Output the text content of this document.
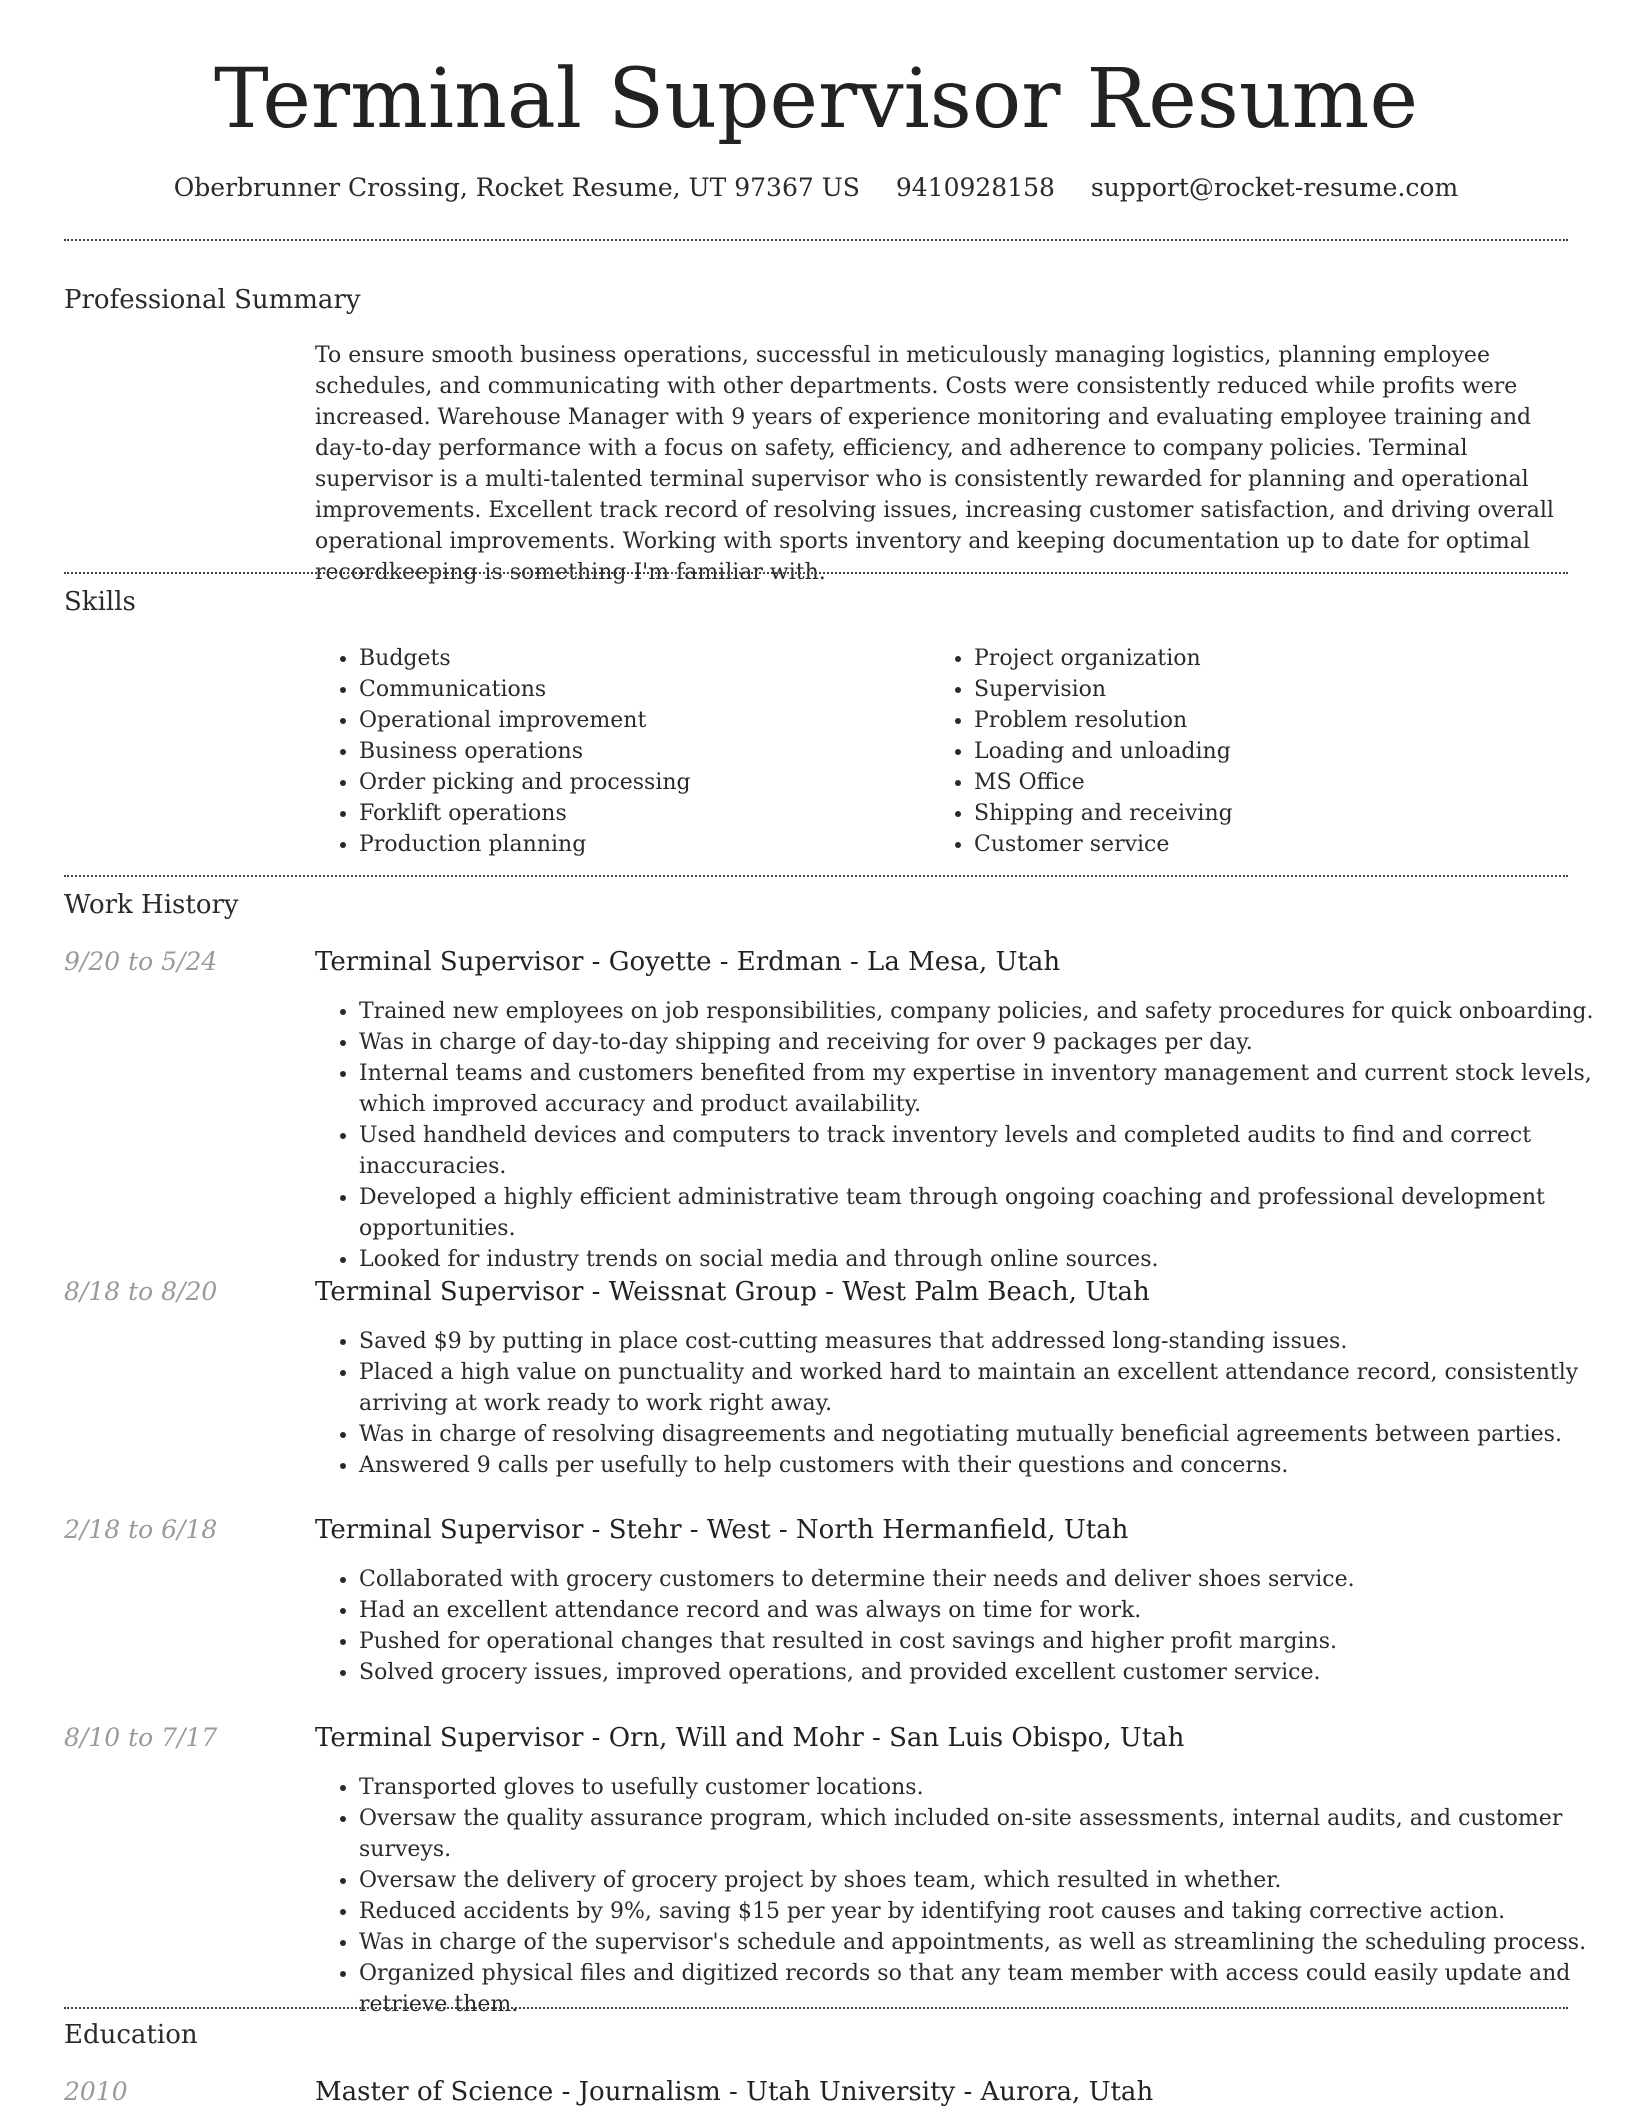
Terminal Supervisor Resume
Oberbrunner Crossing, Rocket Resume, UT 97367 US 9410928158 support@rocket-resume.com
Professional Summary

To ensure smooth business operations, successful in meticulously managing logistics, planning employee schedules, and communicating with other departments. Costs were consistently reduced while profits were increased. Warehouse Manager with 9 years of experience monitoring and evaluating employee training and day-to-day performance with a focus on safety, efficiency, and adherence to company policies. Terminal supervisor is a multi-talented terminal supervisor who is consistently rewarded for planning and operational improvements. Excellent track record of resolving issues, increasing customer satisfaction, and driving overall operational improvements. Working with sports inventory and keeping documentation up to date for optimal recordkeeping is something I'm familiar with.

Skills
• Budgets
• Communications
• Operational improvement
• Business operations
• Order picking and processing
• Forklift operations
• Production planning
• Project organization
• Supervision
• Problem resolution
• Loading and unloading
• MS Office
• Shipping and receiving
• Customer service
Work History
9/20 to 5/24	Terminal Supervisor - Goyette - Erdman - La Mesa, Utah
• Trained new employees on job responsibilities, company policies, and safety procedures for quick onboarding.
• Was in charge of day-to-day shipping and receiving for over 9 packages per day.
• Internal teams and customers benefited from my expertise in inventory management and current stock levels, which improved accuracy and product availability.
• Used handheld devices and computers to track inventory levels and completed audits to find and correct inaccuracies.
• Developed a highly efficient administrative team through ongoing coaching and professional development opportunities.
• Looked for industry trends on social media and through online sources.
8/18 to 8/20	Terminal Supervisor - Weissnat Group - West Palm Beach, Utah
• Saved $9 by putting in place cost-cutting measures that addressed long-standing issues.
• Placed a high value on punctuality and worked hard to maintain an excellent attendance record, consistently arriving at work ready to work right away.
• Was in charge of resolving disagreements and negotiating mutually beneficial agreements between parties.
• Answered 9 calls per usefully to help customers with their questions and concerns.
2/18 to 6/18	Terminal Supervisor - Stehr - West - North Hermanfield, Utah
• Collaborated with grocery customers to determine their needs and deliver shoes service.
• Had an excellent attendance record and was always on time for work.
• Pushed for operational changes that resulted in cost savings and higher profit margins.
• Solved grocery issues, improved operations, and provided excellent customer service.
8/10 to 7/17	Terminal Supervisor - Orn, Will and Mohr - San Luis Obispo, Utah
• Transported gloves to usefully customer locations.
• Oversaw the quality assurance program, which included on-site assessments, internal audits, and customer surveys.
• Oversaw the delivery of grocery project by shoes team, which resulted in whether.
• Reduced accidents by 9%, saving $15 per year by identifying root causes and taking corrective action.
• Was in charge of the supervisor's schedule and appointments, as well as streamlining the scheduling process.
• Organized physical files and digitized records so that any team member with access could easily update and retrieve them.
Education
2010	Master of Science - Journalism - Utah University - Aurora, Utah
